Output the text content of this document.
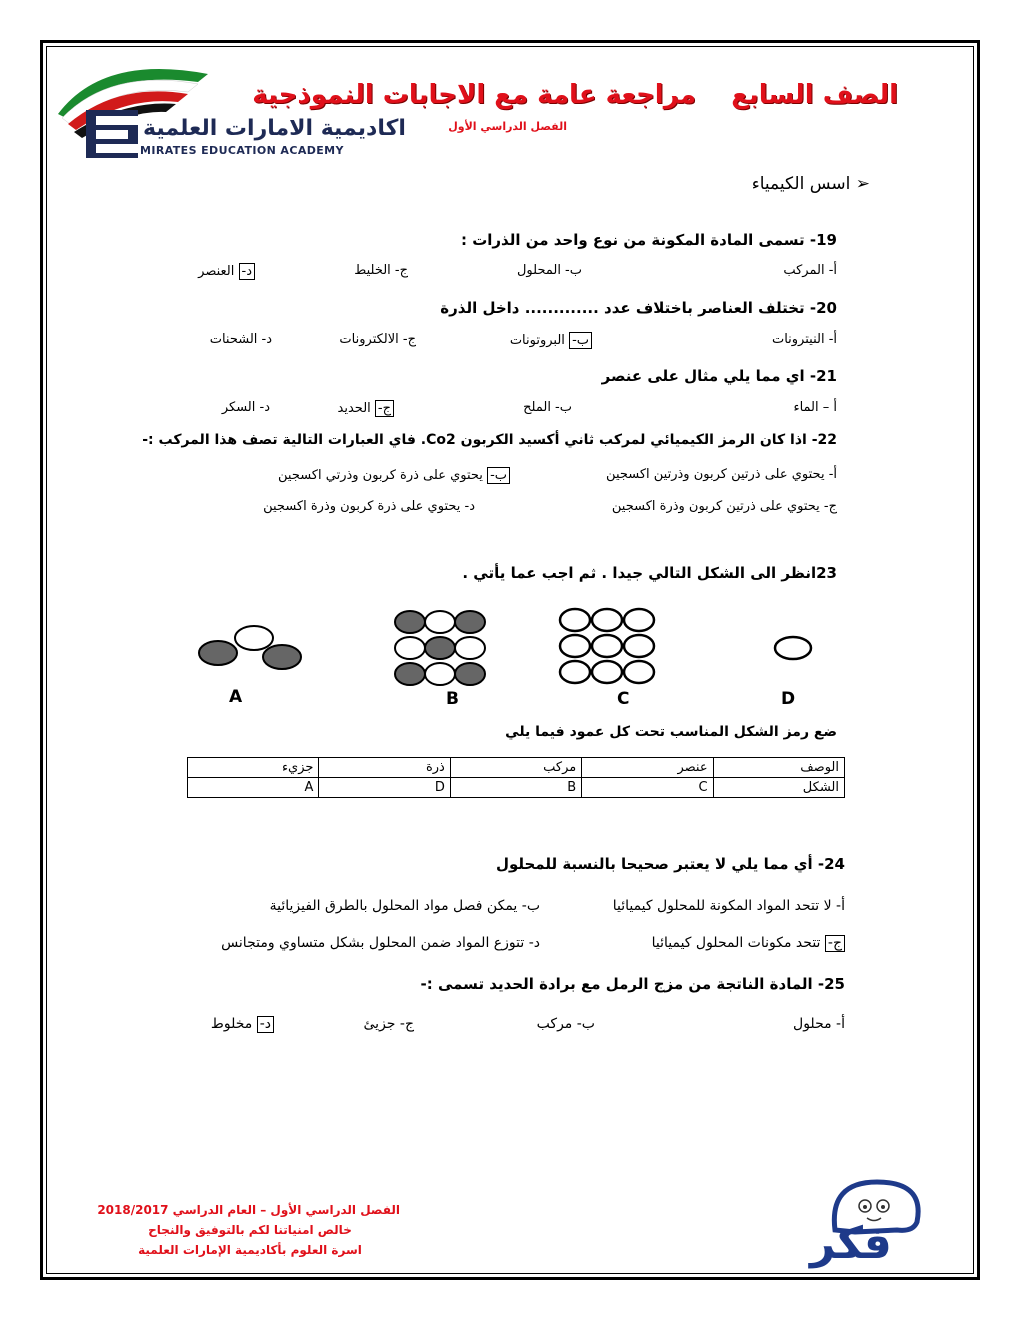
اكاديمية الامارات العلمية
MIRATES EDUCATION ACADEMY
الصف السابع
مراجعة عامة مع الاجابات النموذجية
الفصل الدراسي الأول
➢ اسس الكيمياء
19- تسمى المادة المكونة من نوع واحد من الذرات :
أ- المركب
ب- المحلول
ج- الخليط
د- العنصر
20- تختلف العناصر باختلاف عدد ............. داخل الذرة
أ- النيترونات
ب- البروتونات
ج- الالكترونات
د- الشحنات
21- اي مما يلي مثال على عنصر
أ – الماء
ب- الملح
ج- الحديد
د- السكر
22- اذا كان الرمز الكيميائي لمركب ثاني أكسيد الكربون Co2. فاي العبارات التالية تصف هذا المركب :-
أ- يحتوي على ذرتين كربون وذرتين اكسجين
ب- يحتوي على ذرة كربون وذرتي اكسجين
ج- يحتوي على ذرتين كربون وذرة اكسجين
د- يحتوي على ذرة كربون وذرة اكسجين
23انظر الى الشكل التالي جيدا . ثم اجب عما يأتي .
A	B	C	D
ضع رمز الشكل المناسب تحت كل عمود فيما يلي
الوصف	عنصر	مركب	ذرة	جزيء
الشكل	C	B	D	A
24- أي مما يلي لا يعتبر صحيحا بالنسبة للمحلول
أ- لا تتحد المواد المكونة للمحلول كيميائيا
ب- يمكن فصل مواد المحلول بالطرق الفيزيائية
ج- تتحد مكونات المحلول كيميائيا
د- تتوزع المواد ضمن المحلول بشكل متساوي ومتجانس
25- المادة الناتجة من مزج الرمل مع برادة الحديد تسمى :-
أ- محلول
ب- مركب
ج- جزيئ
د- مخلوط
الفصل الدراسي الأول – العام الدراسي 2018/2017
خالص امنياتنا لكم بالتوفيق والنجاح
اسرة العلوم بأكاديمية الإمارات العلمية	فكر
